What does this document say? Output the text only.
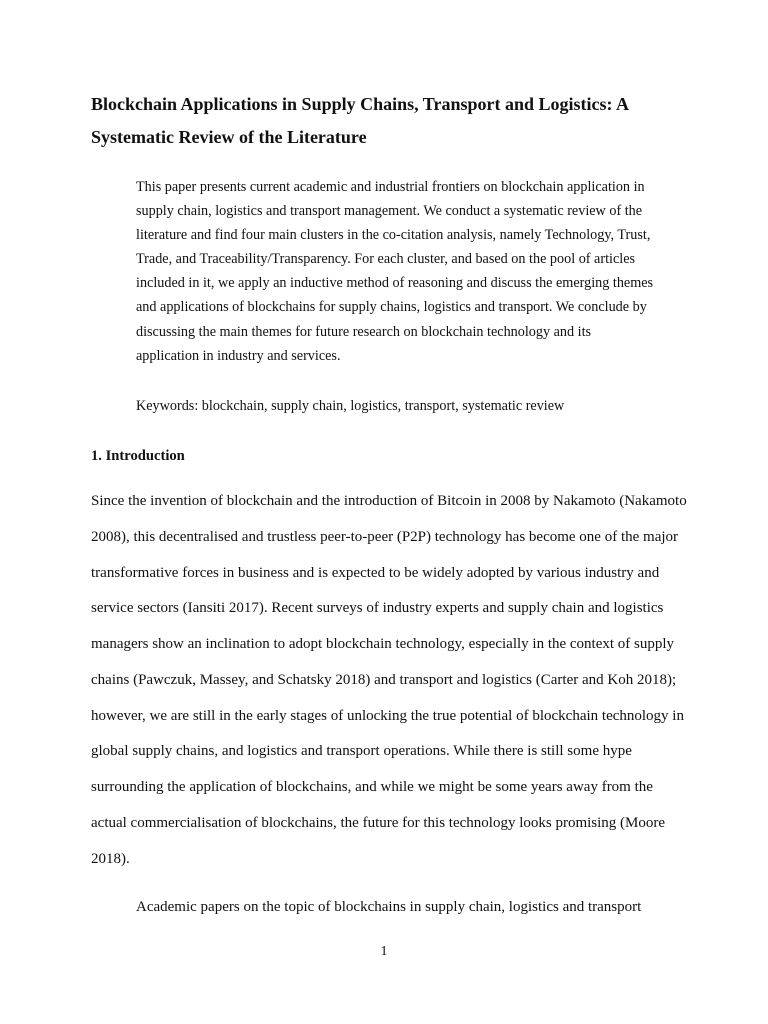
Blockchain Applications in Supply Chains, Transport and Logistics: A Systematic Review of the Literature

This paper presents current academic and industrial frontiers on blockchain application in supply chain, logistics and transport management. We conduct a systematic review of the literature and find four main clusters in the co-citation analysis, namely Technology, Trust, Trade, and Traceability/Transparency. For each cluster, and based on the pool of articles included in it, we apply an inductive method of reasoning and discuss the emerging themes and applications of blockchains for supply chains, logistics and transport. We conclude by discussing the main themes for future research on blockchain technology and its application in industry and services.

Keywords: blockchain, supply chain, logistics, transport, systematic review

1. Introduction

Since the invention of blockchain and the introduction of Bitcoin in 2008 by Nakamoto (Nakamoto 2008), this decentralised and trustless peer-to-peer (P2P) technology has become one of the major transformative forces in business and is expected to be widely adopted by various industry and service sectors (Iansiti 2017). Recent surveys of industry experts and supply chain and logistics managers show an inclination to adopt blockchain technology, especially in the context of supply chains (Pawczuk, Massey, and Schatsky 2018) and transport and logistics (Carter and Koh 2018); however, we are still in the early stages of unlocking the true potential of blockchain technology in global supply chains, and logistics and transport operations. While there is still some hype surrounding the application of blockchains, and while we might be some years away from the actual commercialisation of blockchains, the future for this technology looks promising (Moore 2018).

Academic papers on the topic of blockchains in supply chain, logistics and transport

1
